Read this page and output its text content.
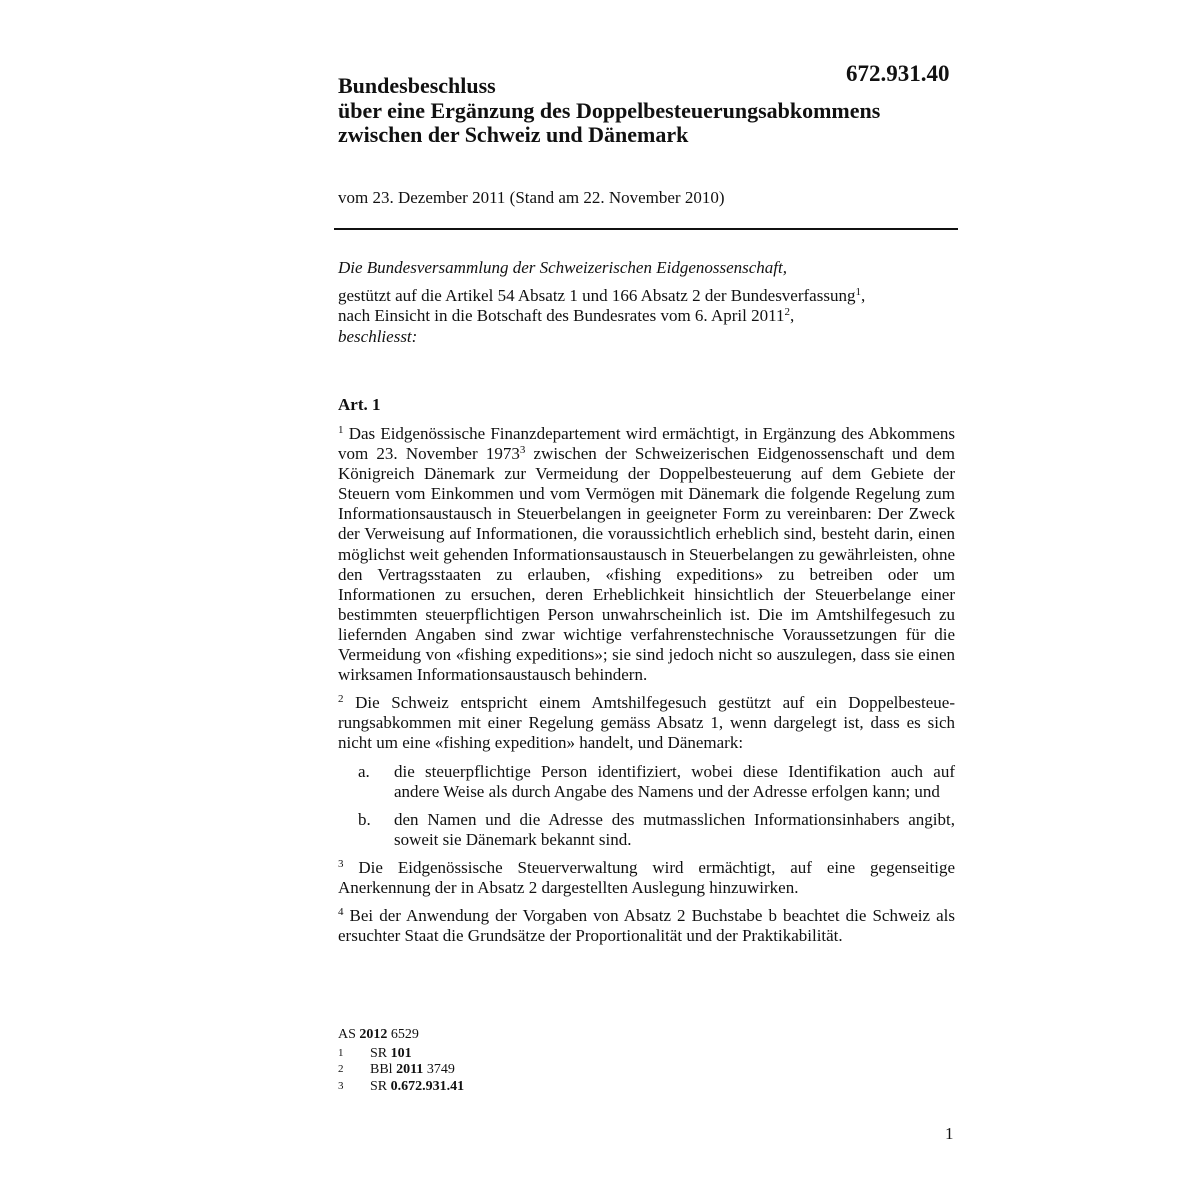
672.931.40
Bundesbeschluss
über eine Ergänzung des Doppelbesteuerungsabkommens
zwischen der Schweiz und Dänemark
vom 23. Dezember 2011 (Stand am 22. November 2010)
Die Bundesversammlung der Schweizerischen Eidgenossenschaft,
gestützt auf die Artikel 54 Absatz 1 und 166 Absatz 2 der Bundesverfassung$^1$,
nach Einsicht in die Botschaft des Bundesrates vom 6. April 2011$^2$,
beschliesst:
Art. 1

$^1$ Das Eidgenössische Finanzdepartement wird ermächtigt, in Ergänzung des Abkommens vom 23. November 1973$^3$ zwischen der Schweizerischen Eidgenossenschaft und dem Königreich Dänemark zur Vermeidung der Doppelbesteuerung auf dem Gebiete der Steuern vom Einkommen und vom Vermögen mit Dänemark die folgende Regelung zum Informationsaustausch in Steuerbelangen in geeigneter Form zu vereinbaren: Der Zweck der Verweisung auf Informationen, die voraussichtlich erheblich sind, besteht darin, einen möglichst weit gehenden Informationsaustausch in Steuerbelangen zu gewährleisten, ohne den Vertragsstaaten zu erlauben, «fishing expeditions» zu betreiben oder um Informationen zu ersuchen, deren Erheblichkeit hinsichtlich der Steuerbelange einer bestimmten steuerpflichtigen Person unwahrscheinlich ist. Die im Amtshilfegesuch zu liefernden Angaben sind zwar wichtige verfahrenstechnische Voraussetzungen für die Vermeidung von «fishing expeditions»; sie sind jedoch nicht so auszulegen, dass sie einen wirksamen Informationsaustausch behindern.

$^2$ Die Schweiz entspricht einem Amtshilfegesuch gestützt auf ein Doppelbesteuerungsabkommen mit einer Regelung gemäss Absatz 1, wenn dargelegt ist, dass es sich nicht um eine «fishing expedition» handelt, und Dänemark:

a.	die steuerpflichtige Person identifiziert, wobei diese Identifikation auch auf andere Weise als durch Angabe des Namens und der Adresse erfolgen kann; und
b.	den Namen und die Adresse des mutmasslichen Informationsinhabers angibt, soweit sie Dänemark bekannt sind.

$^3$ Die Eidgenössische Steuerverwaltung wird ermächtigt, auf eine gegenseitige Anerkennung der in Absatz 2 dargestellten Auslegung hinzuwirken.

$^4$ Bei der Anwendung der Vorgaben von Absatz 2 Buchstabe b beachtet die Schweiz als ersuchter Staat die Grundsätze der Proportionalität und der Praktikabilität.

AS 2012 6529
1	SR 101
2	BBl 2011 3749
3	SR 0.672.931.41
1
